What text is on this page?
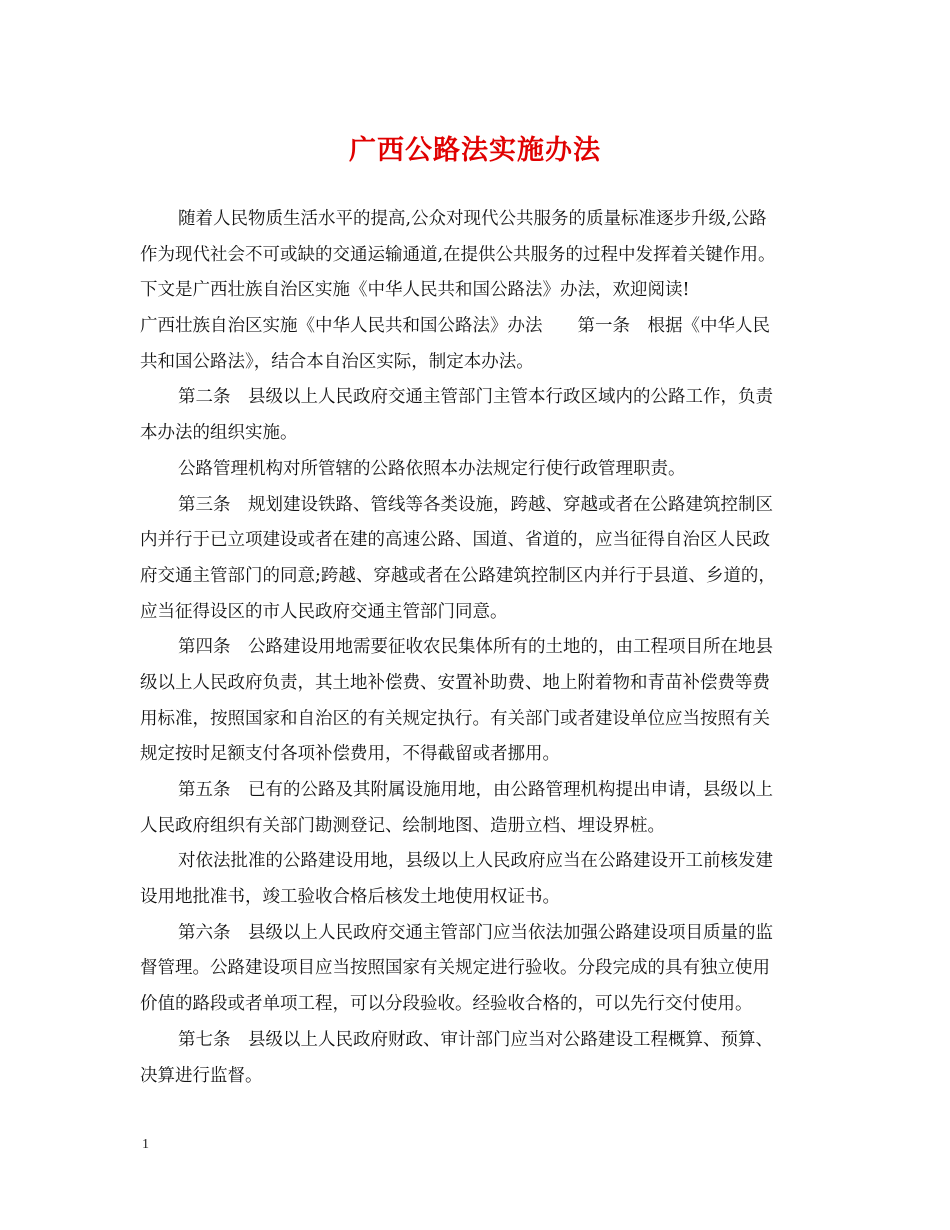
广西公路法实施办法
随着人民物质生活水平的提高,公众对现代公共服务的质量标准逐步升级,公路
作为现代社会不可或缺的交通运输通道,在提供公共服务的过程中发挥着关键作用。
下文是广西壮族自治区实施《中华人民共和国公路法》办法，欢迎阅读!
广西壮族自治区实施《中华人民共和国公路法》办法　　第一条　根据《中华人民
共和国公路法》，结合本自治区实际，制定本办法。
第二条　县级以上人民政府交通主管部门主管本行政区域内的公路工作，负责
本办法的组织实施。
公路管理机构对所管辖的公路依照本办法规定行使行政管理职责。
第三条　规划建设铁路、管线等各类设施，跨越、穿越或者在公路建筑控制区
内并行于已立项建设或者在建的高速公路、国道、省道的，应当征得自治区人民政
府交通主管部门的同意;跨越、穿越或者在公路建筑控制区内并行于县道、乡道的，
应当征得设区的市人民政府交通主管部门同意。
第四条　公路建设用地需要征收农民集体所有的土地的，由工程项目所在地县
级以上人民政府负责，其土地补偿费、安置补助费、地上附着物和青苗补偿费等费
用标准，按照国家和自治区的有关规定执行。有关部门或者建设单位应当按照有关
规定按时足额支付各项补偿费用，不得截留或者挪用。
第五条　已有的公路及其附属设施用地，由公路管理机构提出申请，县级以上
人民政府组织有关部门勘测登记、绘制地图、造册立档、埋设界桩。
对依法批准的公路建设用地，县级以上人民政府应当在公路建设开工前核发建
设用地批准书，竣工验收合格后核发土地使用权证书。
第六条　县级以上人民政府交通主管部门应当依法加强公路建设项目质量的监
督管理。公路建设项目应当按照国家有关规定进行验收。分段完成的具有独立使用
价值的路段或者单项工程，可以分段验收。经验收合格的，可以先行交付使用。
第七条　县级以上人民政府财政、审计部门应当对公路建设工程概算、预算、
决算进行监督。
1
